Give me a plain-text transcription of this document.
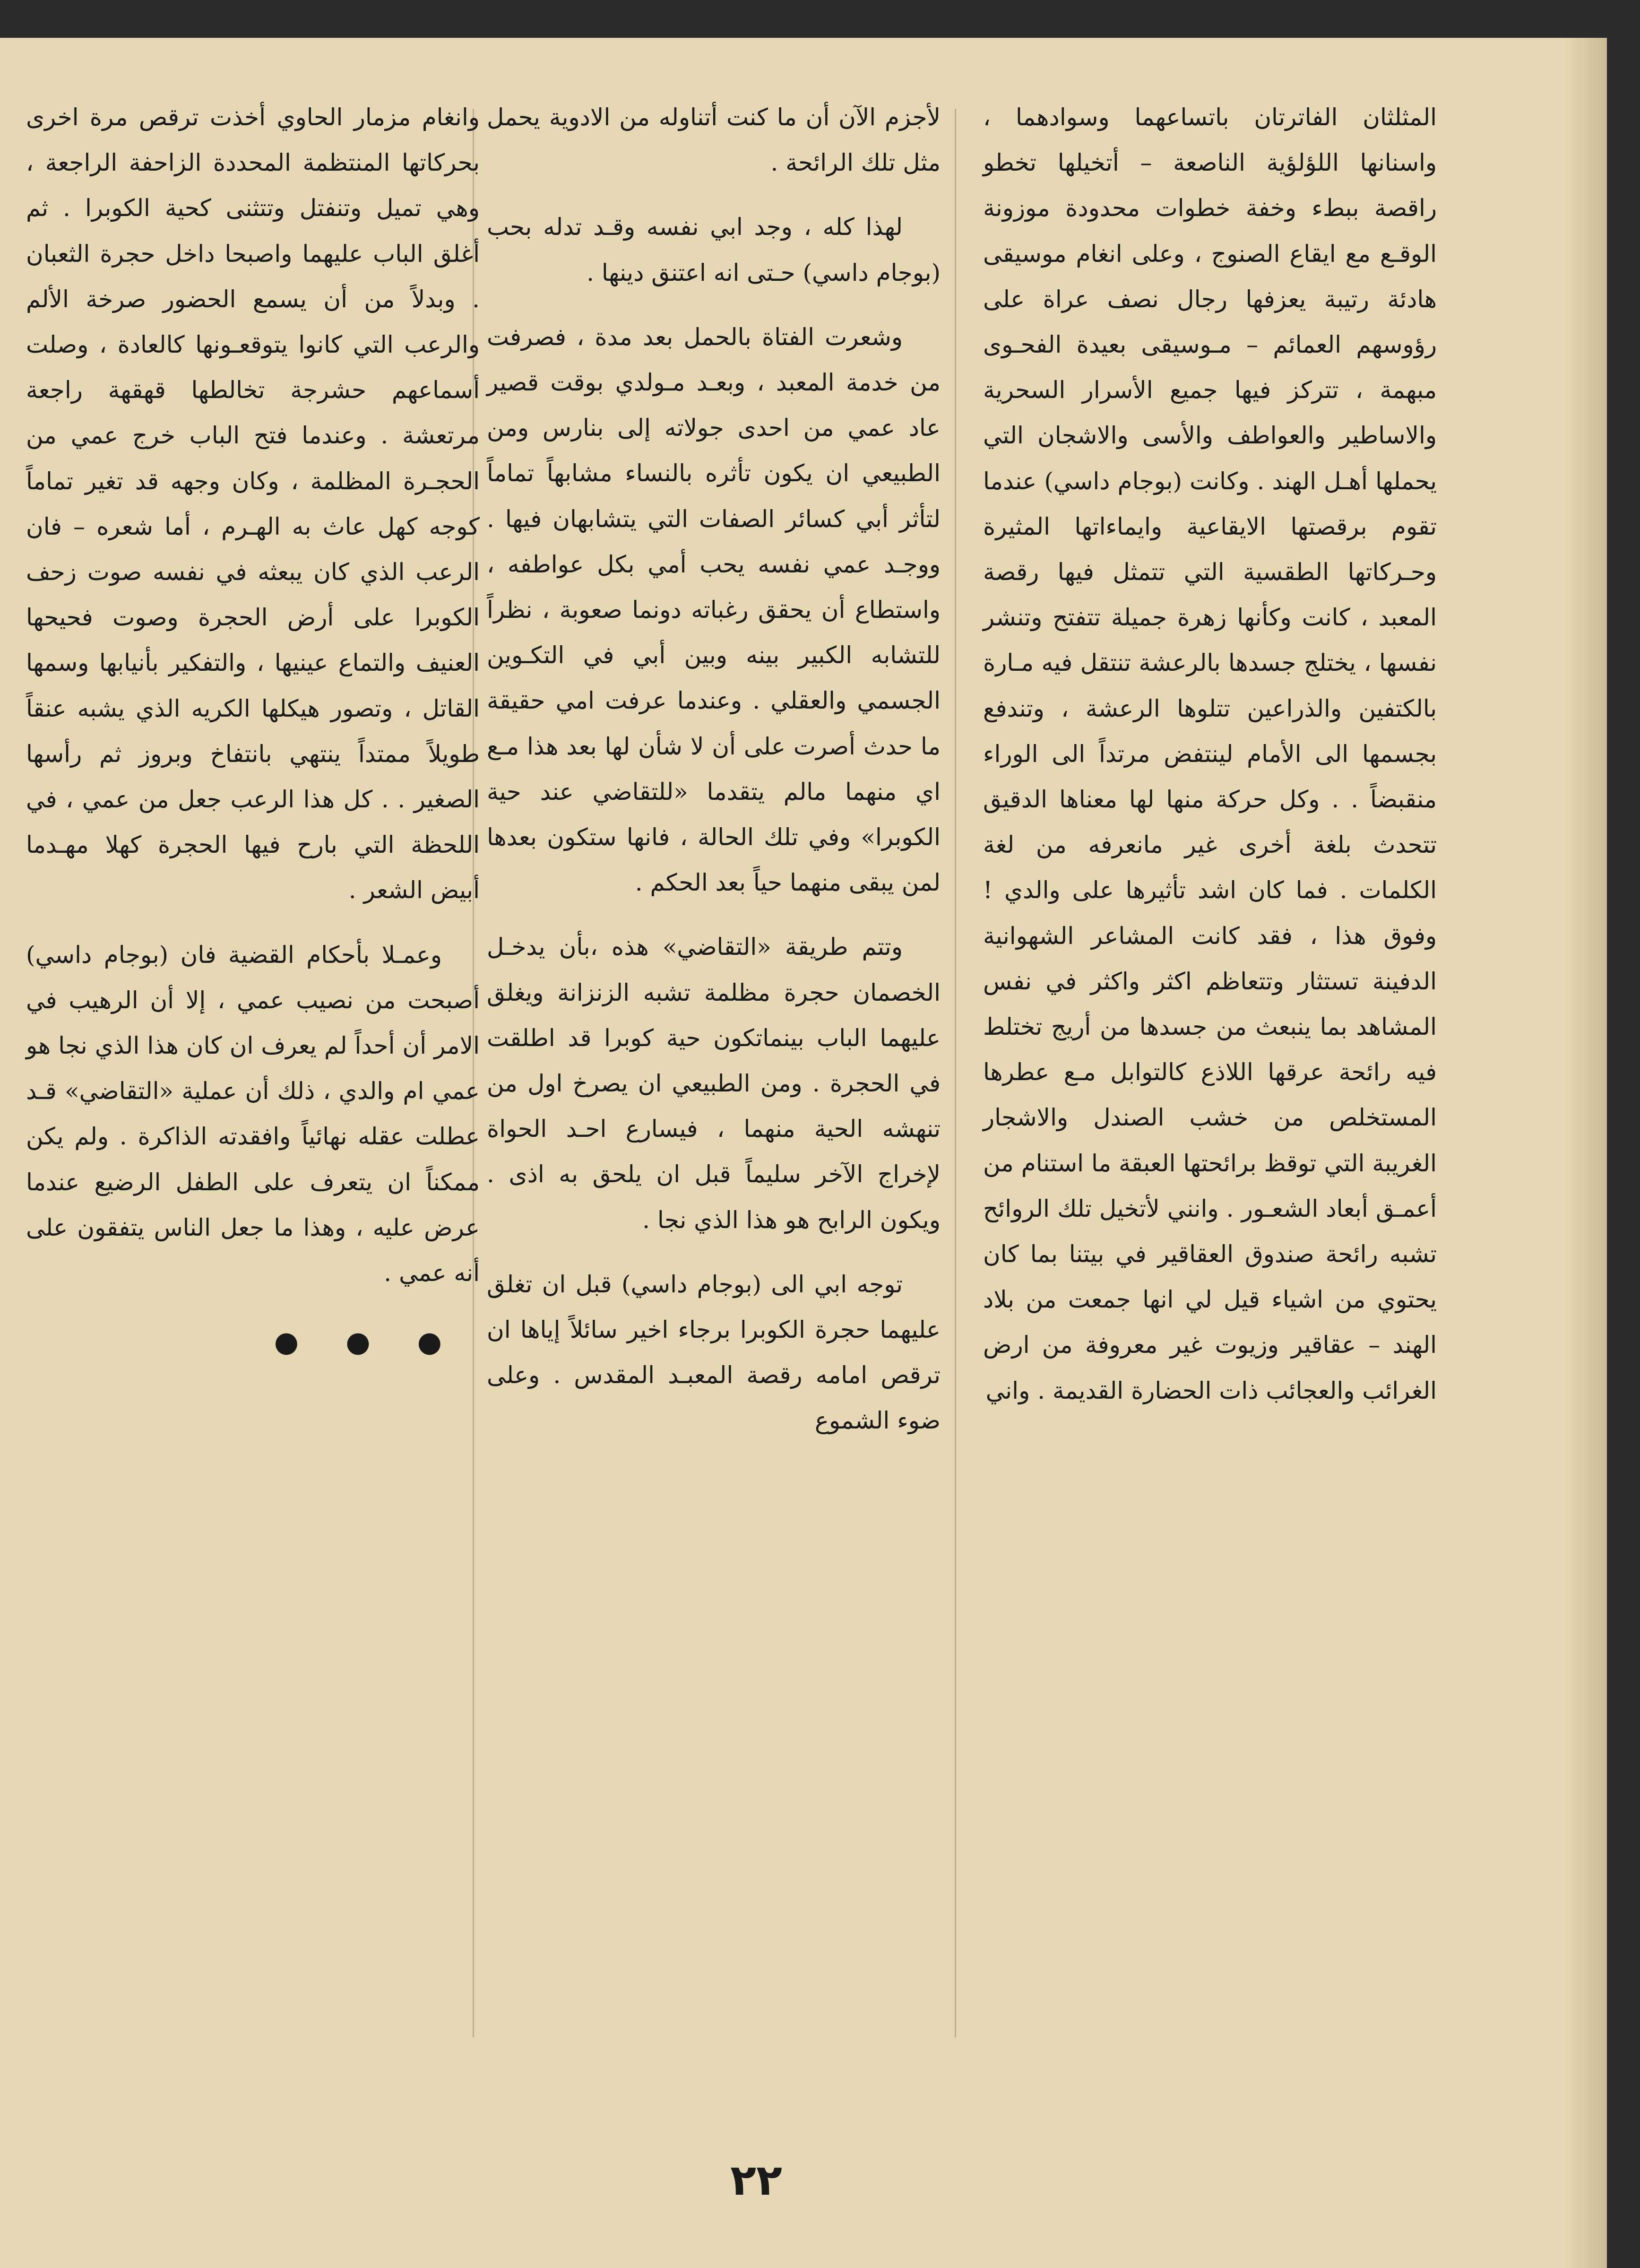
المثلثان الفاترتان باتساعهما وسوادهما ، واسنانها اللؤلؤية الناصعة – أتخيلها تخطو راقصة ببطء وخفة خطوات محدودة موزونة الوقـع مع ايقاع الصنوج ، وعلى انغام موسيقى هادئة رتيبة يعزفها رجال نصف عراة على رؤوسهم العمائم – مـوسيقى بعيدة الفحـوى مبهمة ، تتركز فيها جميع الأسرار السحرية والاساطير والعواطف والأسى والاشجان التي يحملها أهـل الهند . وكانت (بوجام داسي) عندما تقوم برقصتها الايقاعية وايماءاتها المثيرة وحـركاتها الطقسية التي تتمثل فيها رقصة المعبد ، كانت وكأنها زهرة جميلة تتفتح وتنشر نفسها ، يختلج جسدها بالرعشة تنتقل فيه مـارة بالكتفين والذراعين تتلوها الرعشة ، وتندفع بجسمها الى الأمام لينتفض مرتداً الى الوراء منقبضاً . . وكل حركة منها لها معناها الدقيق تتحدث بلغة أخرى غير مانعرفه من لغة الكلمات . فما كان اشد تأثيرها على والدي ! وفوق هذا ، فقد كانت المشاعر الشهوانية الدفينة تستثار وتتعاظم اكثر واكثر في نفس المشاهد بما ينبعث من جسدها من أريج تختلط فيه رائحة عرقها اللاذع كالتوابل مـع عطرها المستخلص من خشب الصندل والاشجار الغريبة التي توقظ برائحتها العبقة ما استنام من أعمـق أبعاد الشعـور . وانني لأتخيل تلك الروائح تشبه رائحة صندوق العقاقير في بيتنا بما كان يحتوي من اشياء قيل لي انها جمعت من بلاد الهند – عقاقير وزيوت غير معروفة من ارض الغرائب والعجائب ذات الحضارة القديمة . واني

لأجزم الآن أن ما كنت أتناوله من الادوية يحمل مثل تلك الرائحة .

لهذا كله ، وجد ابي نفسه وقـد تدله بحب (بوجام داسي) حـتى انه اعتنق دينها .

وشعرت الفتاة بالحمل بعد مدة ، فصرفت من خدمة المعبد ، وبعـد مـولدي بوقت قصير عاد عمي من احدى جولاته إلى بنارس ومن الطبيعي ان يكون تأثره بالنساء مشابهاً تماماً لتأثر أبي كسائر الصفات التي يتشابهان فيها . ووجـد عمي نفسه يحب أمي بكل عواطفه ، واستطاع أن يحقق رغباته دونما صعوبة ، نظراً للتشابه الكبير بينه وبين أبي في التكـوين الجسمي والعقلي . وعندما عرفت امي حقيقة ما حدث أصرت على أن لا شأن لها بعد هذا مـع اي منهما مالم يتقدما «للتقاضي عند حية الكوبرا» وفي تلك الحالة ، فانها ستكون بعدها لمن يبقى منهما حياً بعد الحكم .

وتتم طريقة «التقاضي» هذه ،بأن يدخـل الخصمان حجرة مظلمة تشبه الزنزانة ويغلق عليهما الباب بينماتكون حية كوبرا قد اطلقت في الحجرة . ومن الطبيعي ان يصرخ اول من تنهشه الحية منهما ، فيسارع احـد الحواة لإخراج الآخر سليماً قبل ان يلحق به اذى . ويكون الرابح هو هذا الذي نجا .

توجه ابي الى (بوجام داسي) قبل ان تغلق عليهما حجرة الكوبرا برجاء اخير سائلاً إياها ان ترقص امامه رقصة المعبـد المقدس . وعلى ضوء الشموع

وانغام مزمار الحاوي أخذت ترقص مرة اخرى بحركاتها المنتظمة المحددة الزاحفة الراجعة ، وهي تميل وتنفتل وتتثنى كحية الكوبرا . ثم أغلق الباب عليهما واصبحا داخل حجرة الثعبان . وبدلاً من أن يسمع الحضور صرخة الألم والرعب التي كانوا يتوقعـونها كالعادة ، وصلت أسماعهم حشرجة تخالطها قهقهة راجعة مرتعشة . وعندما فتح الباب خرج عمي من الحجـرة المظلمة ، وكان وجهه قد تغير تماماً كوجه كهل عاث به الهـرم ، أما شعره – فان الرعب الذي كان يبعثه في نفسه صوت زحف الكوبرا على أرض الحجرة وصوت فحيحها العنيف والتماع عينيها ، والتفكير بأنيابها وسمها القاتل ، وتصور هيكلها الكريه الذي يشبه عنقاً طويلاً ممتداً ينتهي بانتفاخ وبروز ثم رأسها الصغير . . كل هذا الرعب جعل من عمي ، في اللحظة التي بارح فيها الحجرة كهلا مهـدما أبيض الشعر .

وعمـلا بأحكام القضية فان (بوجام داسي) أصبحت من نصيب عمي ، إلا أن الرهيب في الامر أن أحداً لم يعرف ان كان هذا الذي نجا هو عمي ام والدي ، ذلك أن عملية «التقاضي» قـد عطلت عقله نهائياً وافقدته الذاكرة . ولم يكن ممكناً ان يتعرف على الطفل الرضيع عندما عرض عليه ، وهذا ما جعل الناس يتفقون على أنه عمي .

● ● ●
٢٢
